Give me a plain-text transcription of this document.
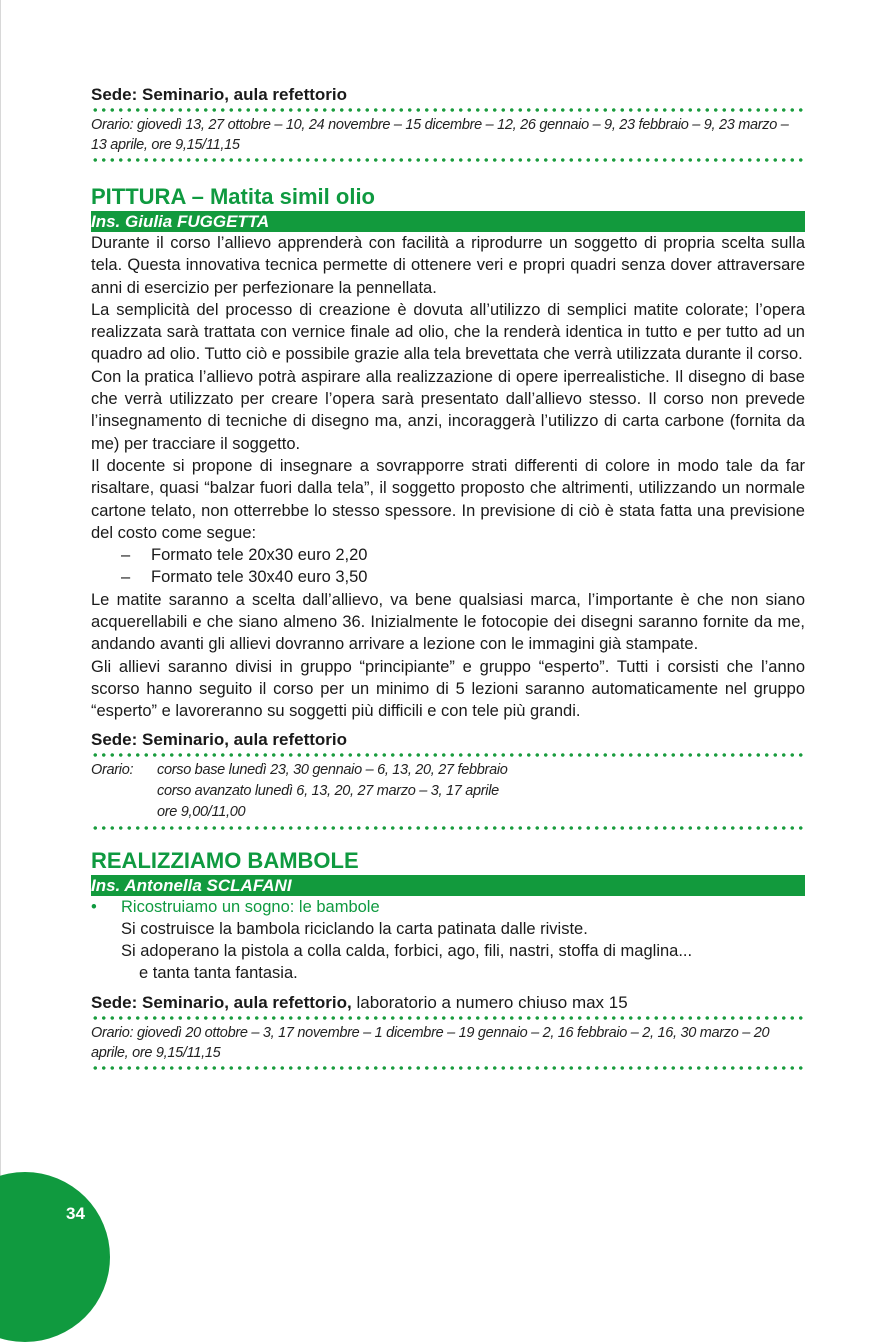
Sede: Seminario, aula refettorio

Orario: giovedì 13, 27 ottobre – 10, 24 novembre – 15 dicembre – 12, 26 gennaio – 9, 23 febbraio – 9, 23 marzo – 13 aprile, ore 9,15/11,15

PITTURA – Matita simil olio
Ins. Giulia FUGGETTA

Durante il corso l’allievo apprenderà con facilità a riprodurre un soggetto di propria scelta sulla tela. Questa innovativa tecnica permette di ottenere veri e propri quadri senza dover attraversare anni di esercizio per perfezionare la pennellata.

La semplicità del processo di creazione è dovuta all’utilizzo di semplici matite colorate; l’opera realizzata sarà trattata con vernice finale ad olio, che la renderà identica in tutto e per tutto ad un quadro ad olio. Tutto ciò e possibile grazie alla tela brevettata che verrà utilizzata durante il corso.

Con la pratica l’allievo potrà aspirare alla realizzazione di opere iperrealistiche. Il disegno di base che verrà utilizzato per creare l’opera sarà presentato dall’allievo stesso. Il corso non prevede l’insegnamento di tecniche di disegno ma, anzi, incoraggerà l’utilizzo di carta carbone (fornita da me) per tracciare il soggetto.

Il docente si propone di insegnare a sovrapporre strati differenti di colore in modo tale da far risaltare, quasi “balzar fuori dalla tela”, il soggetto proposto che altrimenti, utilizzando un normale cartone telato, non otterrebbe lo stesso spessore. In previsione di ciò è stata fatta una previsione del costo come segue:

– Formato tele 20x30 euro 2,20
– Formato tele 30x40 euro 3,50

Le matite saranno a scelta dall’allievo, va bene qualsiasi marca, l’importante è che non siano acquerellabili e che siano almeno 36. Inizialmente le fotocopie dei disegni saranno fornite da me, andando avanti gli allievi dovranno arrivare a lezione con le immagini già stampate.

Gli allievi saranno divisi in gruppo “principiante” e gruppo “esperto”. Tutti i corsisti che l’anno scorso hanno seguito il corso per un minimo di 5 lezioni saranno automaticamente nel gruppo “esperto” e lavoreranno su soggetti più difficili e con tele più grandi.

Sede: Seminario, aula refettorio

Orario:	corso base lunedì 23, 30 gennaio – 6, 13, 20, 27 febbraio
corso avanzato lunedì 6, 13, 20, 27 marzo – 3, 17 aprile
ore 9,00/11,00
REALIZZIAMO BAMBOLE
Ins. Antonella SCLAFANI
• Ricostruiamo un sogno: le bambole
Si costruisce la bambola riciclando la carta patinata dalle riviste.
Si adoperano la pistola a colla calda, forbici, ago, fili, nastri, stoffa di maglina...
e tanta tanta fantasia.

Sede: Seminario, aula refettorio, laboratorio a numero chiuso max 15

Orario: giovedì 20 ottobre – 3, 17 novembre – 1 dicembre – 19 gennaio – 2, 16 febbraio – 2, 16, 30 marzo – 20 aprile, ore 9,15/11,15

34
